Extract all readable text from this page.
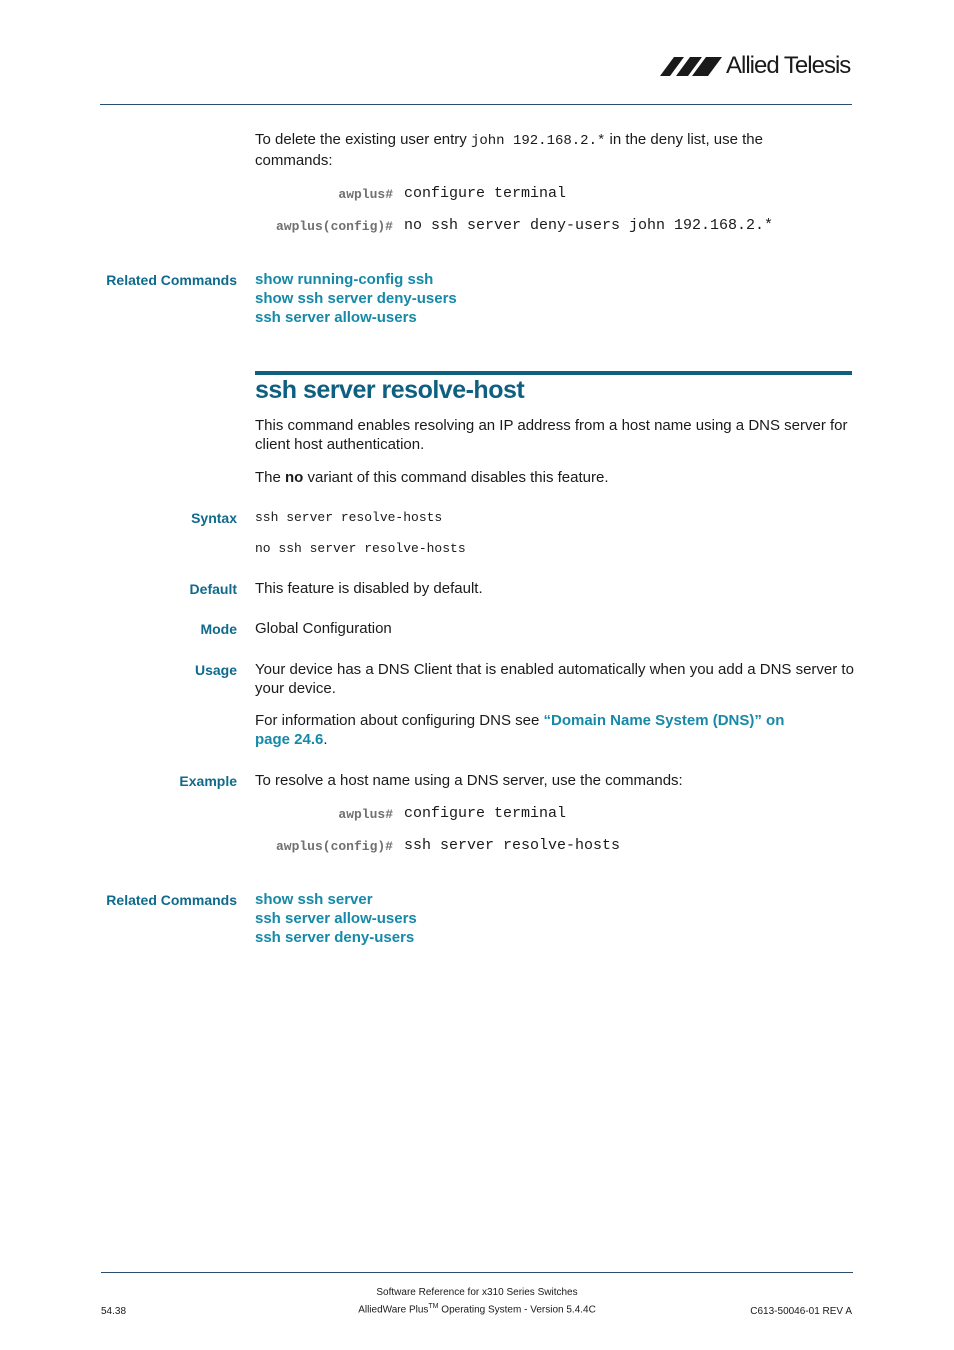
Allied Telesis
To delete the existing user entry john 192.168.2.* in the deny list, use the
commands:
awplus# configure terminal
awplus(config)# no ssh server deny-users john 192.168.2.*
Related Commands show running-config ssh
show ssh server deny-users
ssh server allow-users
ssh server resolve-host
This command enables resolving an IP address from a host name using a DNS server for
client host authentication.
The no variant of this command disables this feature.
Syntax ssh server resolve-hosts
no ssh server resolve-hosts
Default This feature is disabled by default.
Mode Global Configuration
Usage Your device has a DNS Client that is enabled automatically when you add a DNS server to
your device.
For information about configuring DNS see “Domain Name System (DNS)” on
page 24.6.
Example To resolve a host name using a DNS server, use the commands:
awplus# configure terminal
awplus(config)# ssh server resolve-hosts
Related Commands show ssh server
ssh server allow-users
ssh server deny-users
Software Reference for x310 Series Switches
54.38	AlliedWare Plus™ Operating System - Version 5.4.4C	C613-50046-01 REV A
